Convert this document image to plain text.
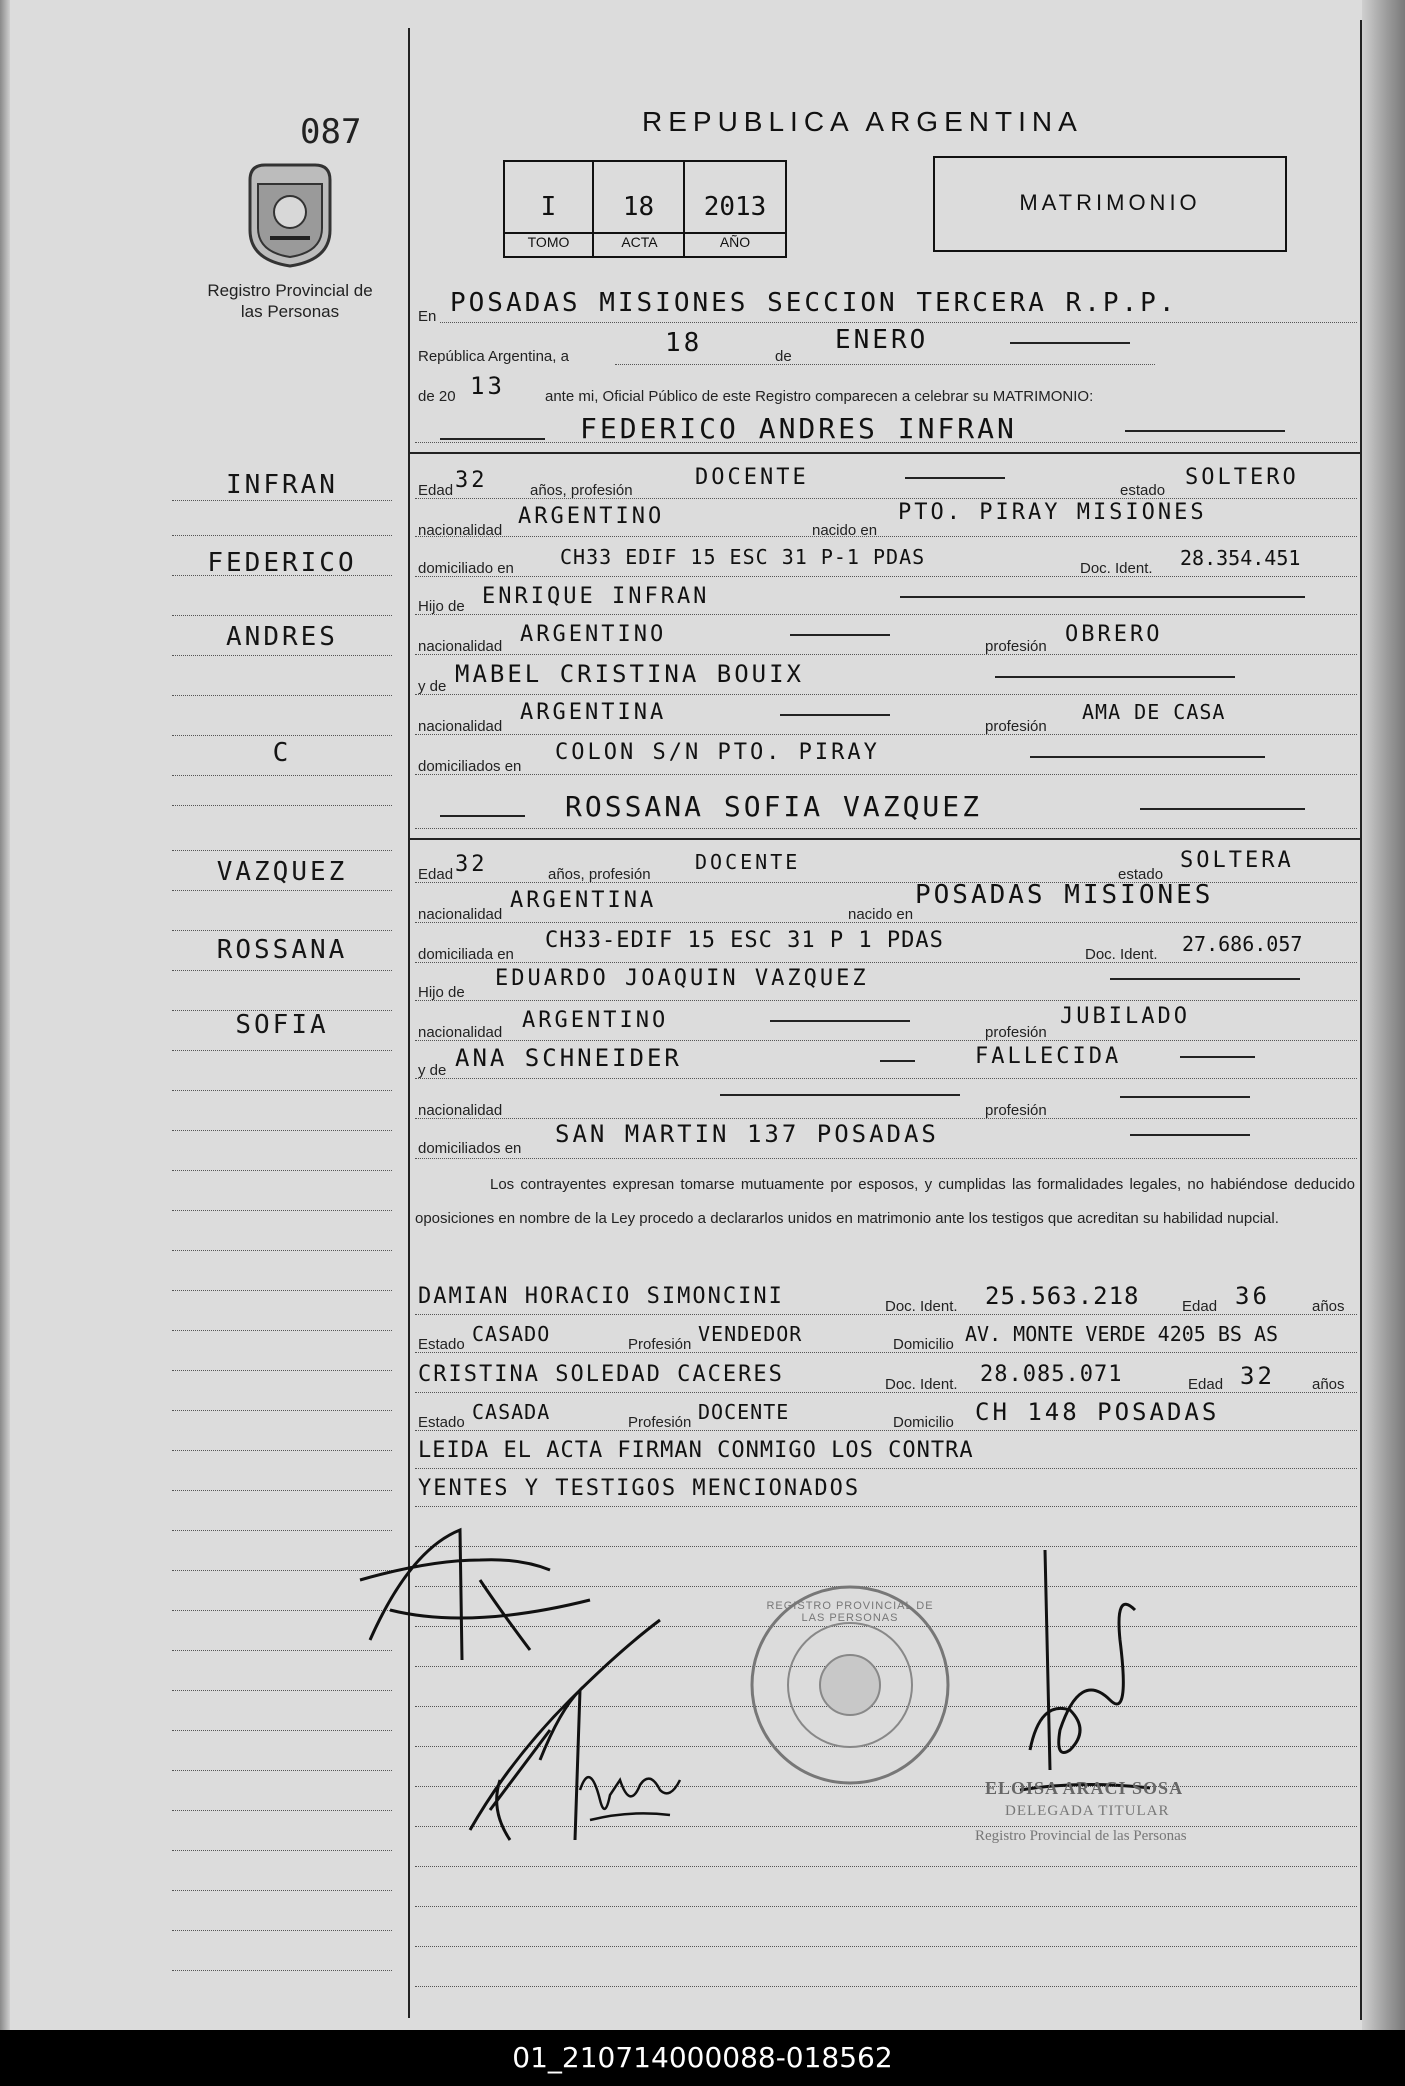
087
Registro Provincial de las Personas
REPUBLICA ARGENTINA
I	18	2013
TOMO	ACTA	AÑO
MATRIMONIO
INFRAN
FEDERICO
ANDRES
C
VAZQUEZ
ROSSANA
SOFIA
En POSADAS MISIONES SECCION TERCERA R.P.P.
República Argentina, a	18	de
ENERO
de 20 13	ante mi, Oficial Público de este Registro comparecen a celebrar su MATRIMONIO:
FEDERICO ANDRES INFRAN
Edad 32	años, profesión
DOCENTE
estado
SOLTERO
nacionalidad
ARGENTINO
nacido en
PTO. PIRAY MISIONES
domiciliado en CH33 EDIF 15 ESC 31 P-1 PDAS	Doc. Ident. 28.354.451
Hijo de ENRIQUE INFRAN
nacionalidad ARGENTINO	profesión OBRERO
y de MABEL CRISTINA BOUIX
nacionalidad
ARGENTINA
profesión
AMA DE CASA
domiciliados en
COLON S/N PTO. PIRAY
ROSSANA SOFIA VAZQUEZ
Edad 32	años, profesión
DOCENTE
estado
SOLTERA
nacionalidad
ARGENTINA
nacido en
POSADAS MISIONES
domiciliada en
CH33-EDIF 15 ESC 31 P 1 PDAS
Doc. Ident. 27.686.057
Hijo de
EDUARDO JOAQUIN VAZQUEZ
nacionalidad ARGENTINO	profesión
JUBILADO
y de ANA SCHNEIDER	FALLECIDA
nacionalidad	profesión
domiciliados en
SAN MARTIN 137 POSADAS
Los contrayentes expresan tomarse mutuamente por esposos, y cumplidas las formalidades legales, no habiéndose deducido oposiciones en nombre de la Ley procedo a declararlos unidos en matrimonio ante los testigos que acreditan su habilidad nupcial.
DAMIAN HORACIO SIMONCINI	Doc. Ident. 25.563.218	Edad 36	años
Estado CASADO	Profesión VENDEDOR	Domicilio AV. MONTE VERDE 4205 BS AS
CRISTINA SOLEDAD CACERES	Doc. Ident. 28.085.071	Edad 32 años
Estado CASADA	Profesión DOCENTE	Domicilio CH 148 POSADAS
LEIDA EL ACTA FIRMAN CONMIGO LOS CONTRA
YENTES Y TESTIGOS MENCIONADOS
REGISTRO PROVINCIAL DE LAS PERSONAS
ELOISA ARACI SOSA
DELEGADA TITULAR
Registro Provincial de las Personas
01_210714000088-018562
